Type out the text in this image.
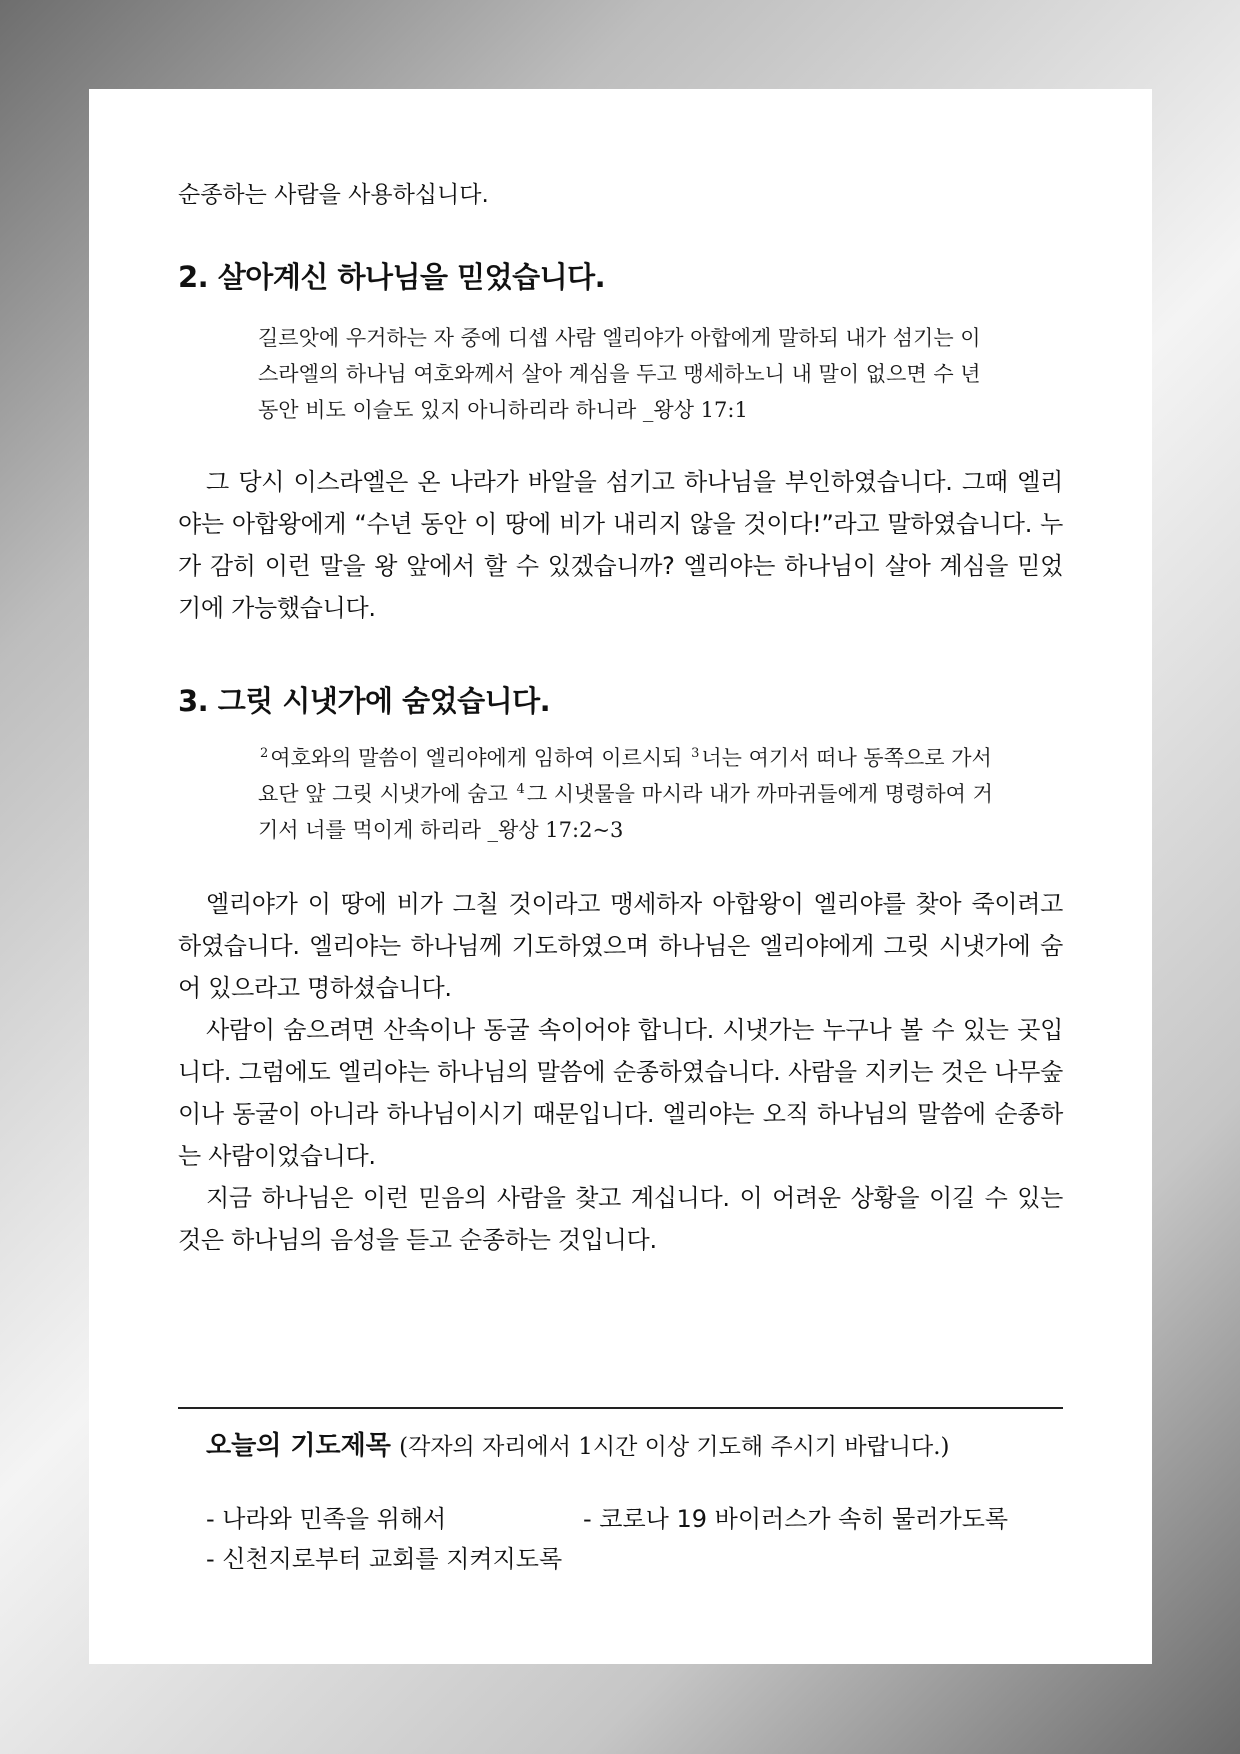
순종하는 사람을 사용하십니다.
2. 살아계신 하나님을 믿었습니다.
길르앗에 우거하는 자 중에 디셉 사람 엘리야가 아합에게 말하되 내가 섬기는 이스라엘의 하나님 여호와께서 살아 계심을 두고 맹세하노니 내 말이 없으면 수 년 동안 비도 이슬도 있지 아니하리라 하니라 _왕상 17:1

그 당시 이스라엘은 온 나라가 바알을 섬기고 하나님을 부인하였습니다. 그때 엘리야는 아합왕에게 “수년 동안 이 땅에 비가 내리지 않을 것이다!”라고 말하였습니다. 누가 감히 이런 말을 왕 앞에서 할 수 있겠습니까? 엘리야는 하나님이 살아 계심을 믿었기에 가능했습니다.

3. 그릿 시냇가에 숨었습니다.
$^2$여호와의 말씀이 엘리야에게 임하여 이르시되 $^3$너는 여기서 떠나 동쪽으로 가서 요단 앞 그릿 시냇가에 숨고 $^4$그 시냇물을 마시라 내가 까마귀들에게 명령하여 거기서 너를 먹이게 하리라 _왕상 17:2~3

엘리야가 이 땅에 비가 그칠 것이라고 맹세하자 아합왕이 엘리야를 찾아 죽이려고 하였습니다. 엘리야는 하나님께 기도하였으며 하나님은 엘리야에게 그릿 시냇가에 숨어 있으라고 명하셨습니다.

사람이 숨으려면 산속이나 동굴 속이어야 합니다. 시냇가는 누구나 볼 수 있는 곳입니다. 그럼에도 엘리야는 하나님의 말씀에 순종하였습니다. 사람을 지키는 것은 나무숲이나 동굴이 아니라 하나님이시기 때문입니다. 엘리야는 오직 하나님의 말씀에 순종하는 사람이었습니다.

지금 하나님은 이런 믿음의 사람을 찾고 계십니다. 이 어려운 상황을 이길 수 있는 것은 하나님의 음성을 듣고 순종하는 것입니다.

오늘의 기도제목 (각자의 자리에서 1시간 이상 기도해 주시기 바랍니다.)
- 나라와 민족을 위해서	- 코로나 19 바이러스가 속히 물러가도록
- 신천지로부터 교회를 지켜지도록
